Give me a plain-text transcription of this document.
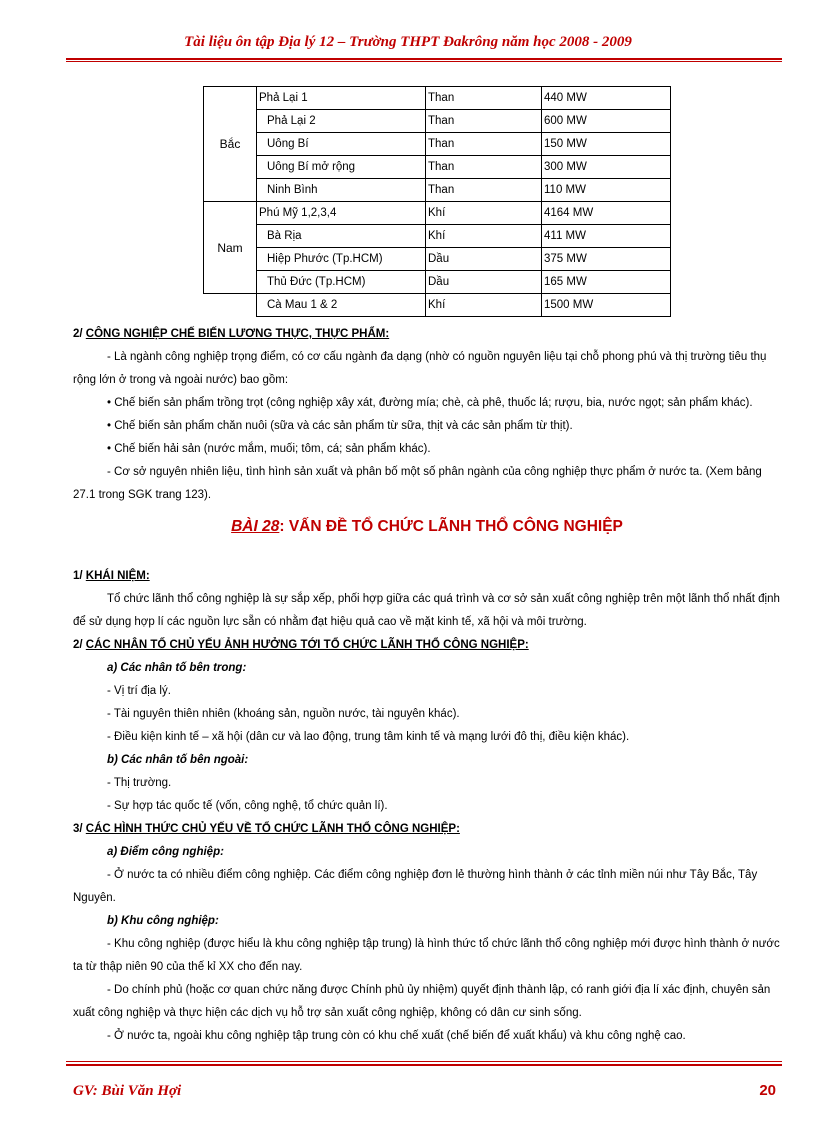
Tài liệu ôn tập Địa lý 12 – Trường THPT Đakrông năm học 2008 - 2009
Bắc	Phả Lại 1	Than	440 MW
	Phả Lại 2	Than	600 MW
	Uông Bí	Than	150 MW
	Uông Bí mở rộng	Than	300 MW
	Ninh Bình	Than	110 MW
Nam	Phú Mỹ 1,2,3,4	Khí	4164 MW
	Bà Rịa	Khí	411 MW
	Hiệp Phước (Tp.HCM)	Dầu	375 MW
	Thủ Đức (Tp.HCM)	Dầu	165 MW
	Cà Mau 1 & 2	Khí	1500 MW

2/ CÔNG NGHIỆP CHẾ BIẾN LƯƠNG THỰC, THỰC PHẨM:

- Là ngành công nghiệp trọng điểm, có cơ cấu ngành đa dạng (nhờ có nguồn nguyên liệu tại chỗ phong phú và thị trường tiêu thụ rộng lớn ở trong và ngoài nước) bao gồm:

• Chế biến sản phẩm trồng trọt (công nghiệp xây xát, đường mía; chè, cà phê, thuốc lá; rượu, bia, nước ngọt; sản phẩm khác).

• Chế biến sản phẩm chăn nuôi (sữa và các sản phẩm từ sữa, thịt và các sản phẩm từ thịt).

• Chế biến hải sản (nước mắm, muối; tôm, cá; sản phẩm khác).

- Cơ sở nguyên nhiên liệu, tình hình sản xuất và phân bố một số phân ngành của công nghiệp thực phẩm ở nước ta. (Xem bảng 27.1 trong SGK trang 123).

BÀI 28: VẤN ĐỀ TỔ CHỨC LÃNH THỔ CÔNG NGHIỆP

1/ KHÁI NIỆM:

Tổ chức lãnh thổ công nghiệp là sự sắp xếp, phối hợp giữa các quá trình và cơ sở sản xuất công nghiệp trên một lãnh thổ nhất định để sử dụng hợp lí các nguồn lực sẵn có nhằm đạt hiệu quả cao về mặt kinh tế, xã hội và môi trường.

2/ CÁC NHÂN TỐ CHỦ YẾU ẢNH HƯỞNG TỚI TỔ CHỨC LÃNH THỔ CÔNG NGHIỆP:

a) Các nhân tố bên trong:

- Vị trí địa lý.

- Tài nguyên thiên nhiên (khoáng sản, nguồn nước, tài nguyên khác).

- Điều kiện kinh tế – xã hội (dân cư và lao động, trung tâm kinh tế và mạng lưới đô thị, điều kiện khác).

b) Các nhân tố bên ngoài:

- Thị trường.

- Sự hợp tác quốc tế (vốn, công nghệ, tổ chức quản lí).

3/ CÁC HÌNH THỨC CHỦ YẾU VỀ TỔ CHỨC LÃNH THỔ CÔNG NGHIỆP:

a) Điểm công nghiệp:

- Ở nước ta có nhiều điểm công nghiệp. Các điểm công nghiệp đơn lẻ thường hình thành ở các tỉnh miền núi như Tây Bắc, Tây Nguyên.

b) Khu công nghiệp:

- Khu công nghiệp (được hiểu là khu công nghiệp tập trung) là hình thức tổ chức lãnh thổ công nghiệp mới được hình thành ở nước ta từ thập niên 90 của thế kỉ XX cho đến nay.

- Do chính phủ (hoặc cơ quan chức năng được Chính phủ ủy nhiệm) quyết định thành lập, có ranh giới địa lí xác định, chuyên sản xuất công nghiệp và thực hiện các dịch vụ hỗ trợ sản xuất công nghiệp, không có dân cư sinh sống.

- Ở nước ta, ngoài khu công nghiệp tập trung còn có khu chế xuất (chế biến để xuất khẩu) và khu công nghệ cao.

GV: Bùi Văn Hợi	20
